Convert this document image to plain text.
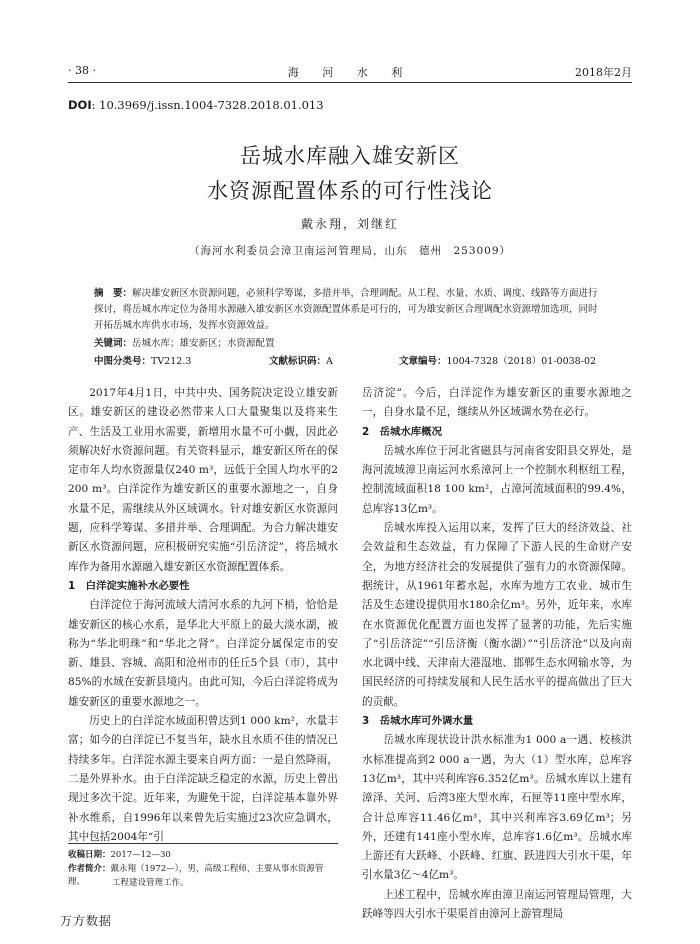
· 38 ·	海 河 水 利	2018年2月
DOI: 10.3969/j.issn.1004-7328.2018.01.013
岳城水库融入雄安新区
水资源配置体系的可行性浅论
戴永翔，刘继红
（海河水利委员会漳卫南运河管理局，山东　德州　253009）
摘　要：解决雄安新区水资源问题，必须科学筹谋，多措并举，合理调配。从工程、水量、水质、调度、线路等方面进行探讨，将岳城水库定位为备用水源融入雄安新区水资源配置体系是可行的，可为雄安新区合理调配水资源增加选项，同时开拓岳城水库供水市场，发挥水资源效益。
关键词：岳城水库；雄安新区；水资源配置
中图分类号：TV212.3	文献标识码：A	文章编号：1004-7328（2018）01-0038-02

2017年4月1日，中共中央、国务院决定设立雄安新区。雄安新区的建设必然带来人口大量聚集以及将来生产、生活及工业用水需要，新增用水量不可小觑，因此必须解决好水资源问题。有关资料显示，雄安新区所在的保定市年人均水资源量仅240 m³，远低于全国人均水平的2 200 m³。白洋淀作为雄安新区的重要水源地之一，自身水量不足，需继续从外区域调水。针对雄安新区水资源问题，应科学筹谋、多措并举、合理调配。为合力解决雄安新区水资源问题，应积极研究实施“引岳济淀”，将岳城水库作为备用水源融入雄安新区水资源配置体系。

1　白洋淀实施补水必要性

白洋淀位于海河流域大清河水系的九河下梢，恰恰是雄安新区的核心水系，是华北大平原上的最大淡水湖，被称为“华北明珠”和“华北之肾”。白洋淀分属保定市的安新、雄县、容城、高阳和沧州市的任丘5个县（市），其中85%的水域在安新县境内。由此可知，今后白洋淀将成为雄安新区的重要水源地之一。

历史上的白洋淀水域面积曾达到1 000 km²，水量丰富；如今的白洋淀已不复当年，缺水且水质不佳的情况已持续多年。白洋淀水源主要来自两方面：一是自然降雨，二是外界补水。由于白洋淀缺乏稳定的水源，历史上曾出现过多次干淀。近年来，为避免干淀，白洋淀基本靠外界补水维系，自1996年以来曾先后实施过23次应急调水，其中包括2004年“引

岳济淀”。今后，白洋淀作为雄安新区的重要水源地之一，自身水量不足，继续从外区域调水势在必行。

2　岳城水库概况

岳城水库位于河北省磁县与河南省安阳县交界处，是海河流域漳卫南运河水系漳河上一个控制水利枢纽工程，控制流域面积18 100 km²，占漳河流域面积的99.4%，总库容13亿m³。

岳城水库投入运用以来，发挥了巨大的经济效益、社会效益和生态效益，有力保障了下游人民的生命财产安全，为地方经济社会的发展提供了强有力的水资源保障。据统计，从1961年蓄水起，水库为地方工农业、城市生活及生态建设提供用水180余亿m³。另外，近年来，水库在水资源优化配置方面也发挥了显著的功能，先后实施了“引岳济淀”“引岳济衡（衡水湖）”“引岳济沧”以及向南水北调中线、天津南大港湿地、邯郸生态水网输水等，为国民经济的可持续发展和人民生活水平的提高做出了巨大的贡献。

3　岳城水库可外调水量

岳城水库现状设计洪水标准为1 000 a一遇、校核洪水标准提高到2 000 a一遇，为大（1）型水库，总库容13亿m³，其中兴利库容6.352亿m³。岳城水库以上建有漳泽、关河、后湾3座大型水库，石匣等11座中型水库，合计总库容11.46亿m³，其中兴利库容3.69亿m³；另外，还建有141座小型水库，总库容1.6亿m³。岳城水库上游还有大跃峰、小跃峰、红旗、跃进四大引水干渠，年引水量3亿～4亿m³。

上述工程中，岳城水库由漳卫南运河管理局管理，大跃峰等四大引水干渠渠首由漳河上游管理局

收稿日期：2017—12—30
作者简介：戴永翔（1972—），男，高级工程师，主要从事水资源管理、	工程建设管理工作。
万方数据
